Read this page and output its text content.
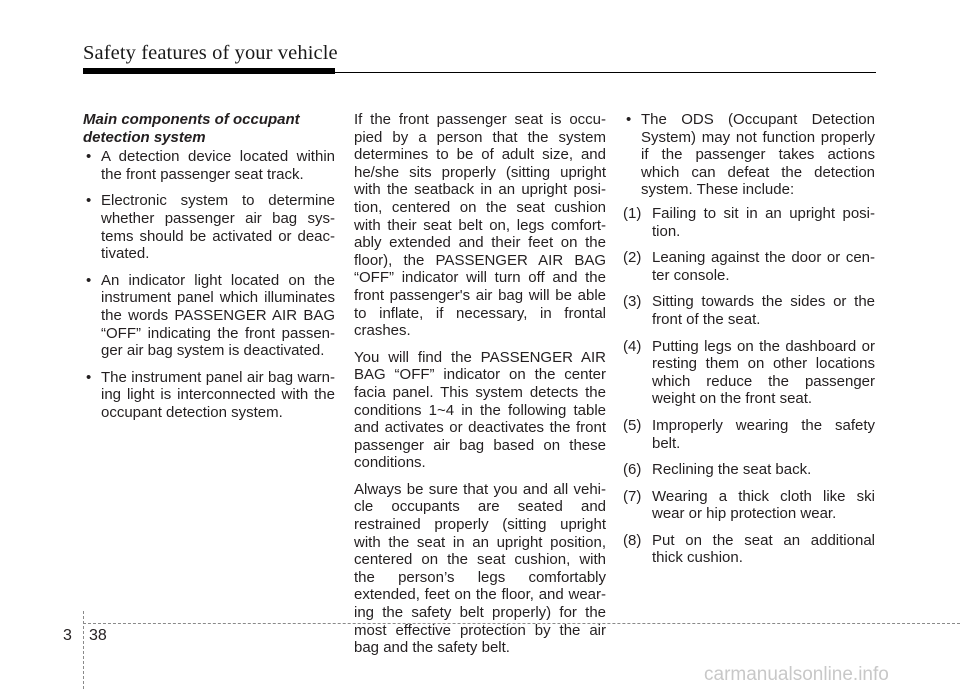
Safety features of your vehicle
Main components of occupant detection system
• A detection device located within the front passenger seat track.
• Electronic system to determine whether passenger air bag sys-tems should be activated or deac-tivated.
• An indicator light located on the instrument panel which illuminates the words PASSENGER AIR BAG “OFF” indicating the front passen-ger air bag system is deactivated.
• The instrument panel air bag warn-ing light is interconnected with the occupant detection system.

If the front passenger seat is occu-pied by a person that the system determines to be of adult size, and he/she sits properly (sitting upright with the seatback in an upright posi-tion, centered on the seat cushion with their seat belt on, legs comfort-ably extended and their feet on the floor), the PASSENGER AIR BAG “OFF” indicator will turn off and the front passenger's air bag will be able to inflate, if necessary, in frontal crashes.

You will find the PASSENGER AIR BAG “OFF” indicator on the center facia panel. This system detects the conditions 1~4 in the following table and activates or deactivates the front passenger air bag based on these conditions.

Always be sure that you and all vehi-cle occupants are seated and restrained properly (sitting upright with the seat in an upright position, centered on the seat cushion, with the person’s legs comfortably extended, feet on the floor, and wear-ing the safety belt properly) for the most effective protection by the air bag and the safety belt.

• The ODS (Occupant Detection System) may not function properly if the passenger takes actions which can defeat the detection system. These include:
(1) Failing to sit in an upright posi-tion.
(2) Leaning against the door or cen-ter console.
(3) Sitting towards the sides or the front of the seat.
(4) Putting legs on the dashboard or resting them on other locations which reduce the passenger weight on the front seat.
(5) Improperly wearing the safety belt.
(6) Reclining the seat back.
(7) Wearing a thick cloth like ski wear or hip protection wear.
(8) Put on the seat an additional thick cushion.
3 38
carmanualsonline.info
